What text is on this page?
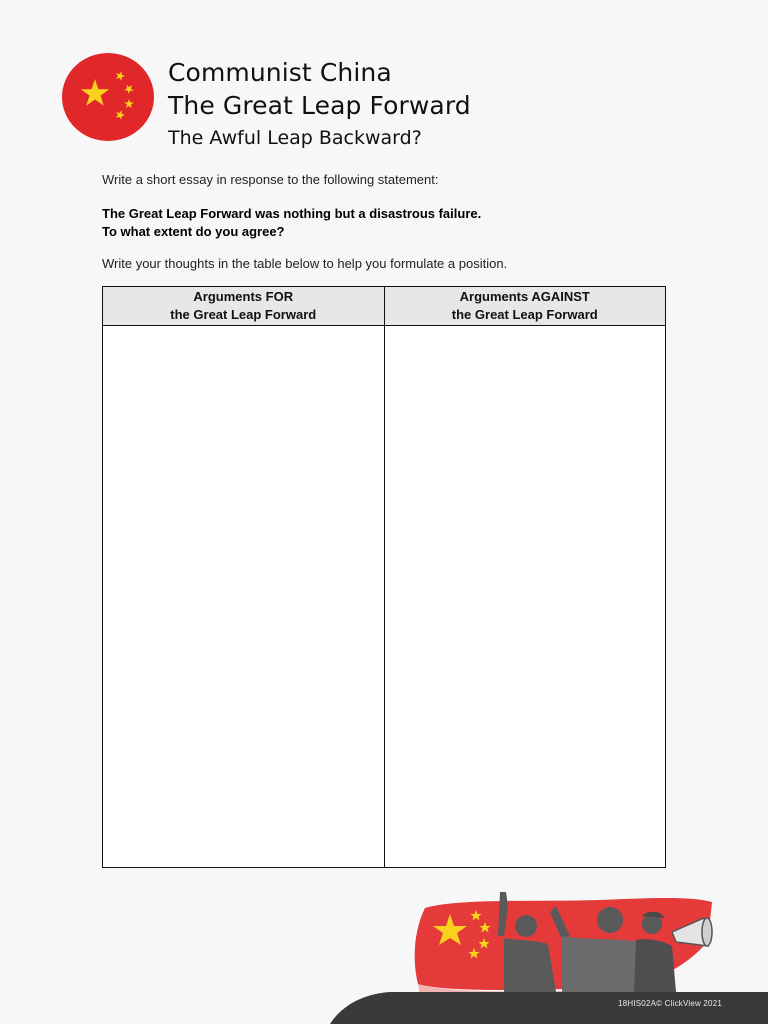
Communist China
The Great Leap Forward
The Awful Leap Backward?
Write a short essay in response to the following statement:
The Great Leap Forward was nothing but a disastrous failure.
To what extent do you agree?
Write your thoughts in the table below to help you formulate a position.
Arguments FOR
the Great Leap Forward
Arguments AGAINST
the Great Leap Forward
18HIS02A© ClickView 2021
